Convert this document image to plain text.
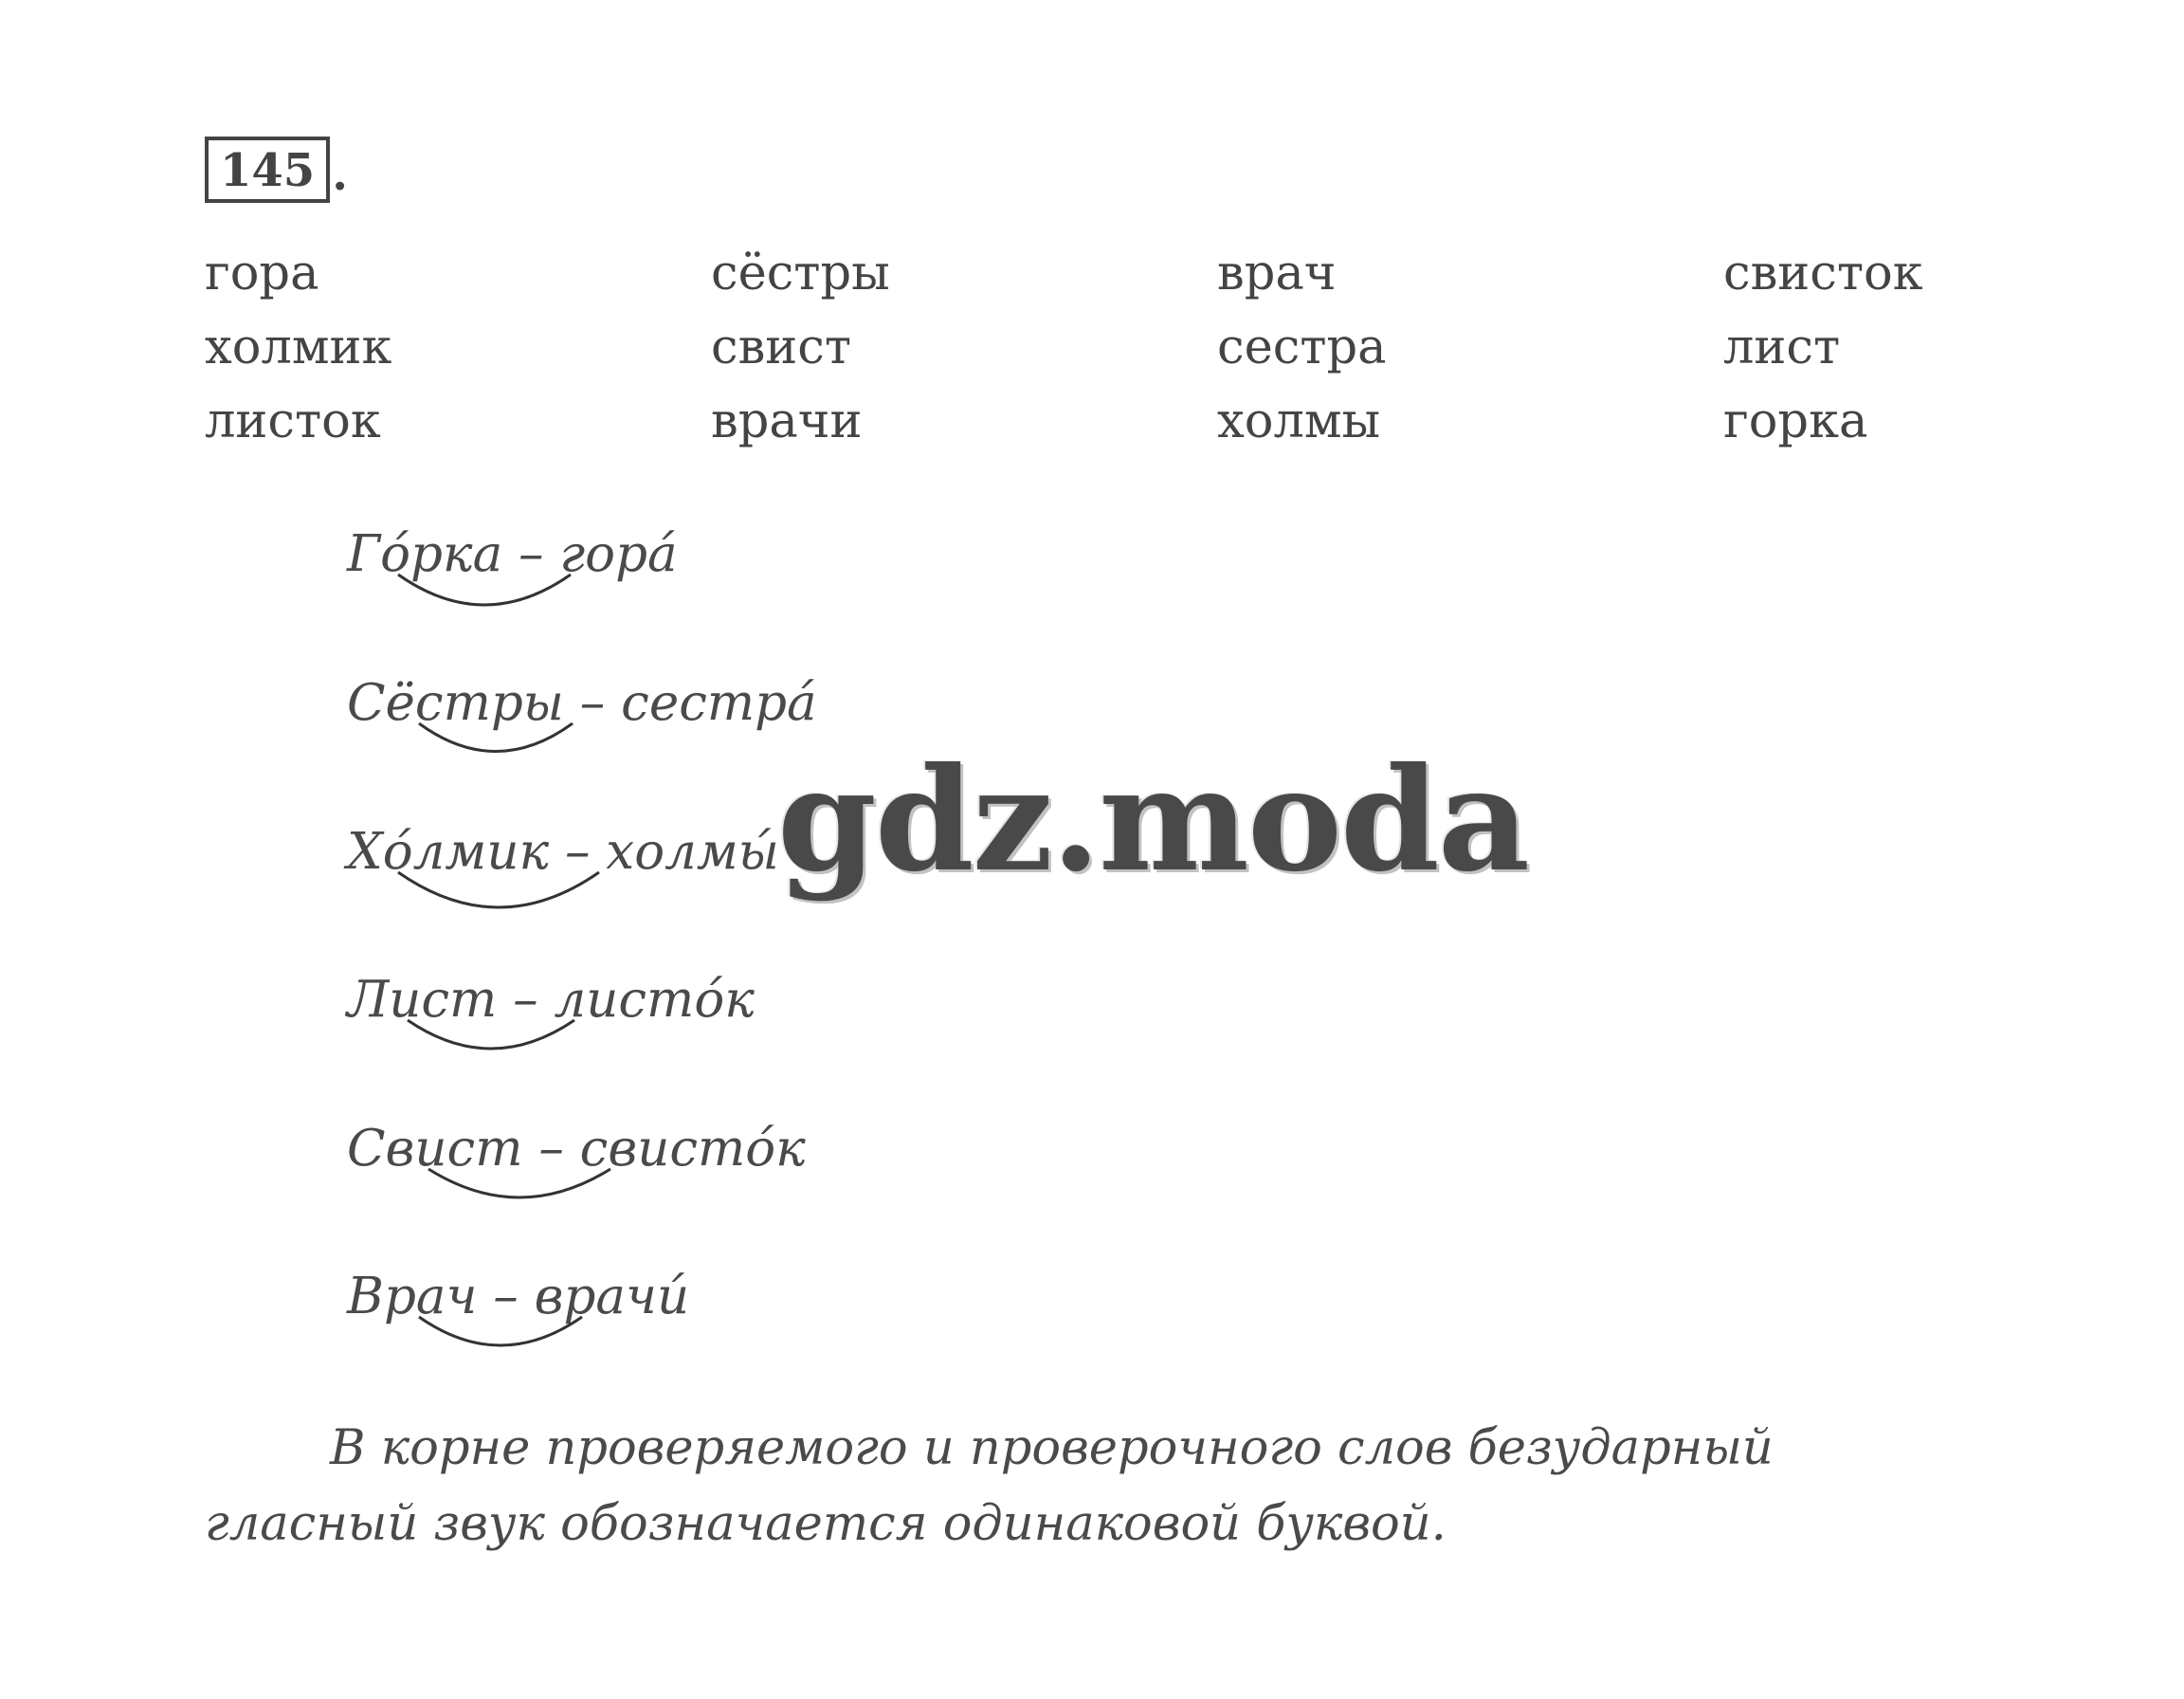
145 .
гора
холмик
листок
сёстры
свист
врачи
врач
сестра
холмы
свисток
лист
горка
Го́рка – гора́
Сёстры – сестра́
Хо́лмик – холмы́
Лист – листо́к
Свист – свисто́к
Врач – врачи́
gdz.moda
В корне проверяемого и проверочного слов безударный гласный звук обозначается одинаковой буквой.
